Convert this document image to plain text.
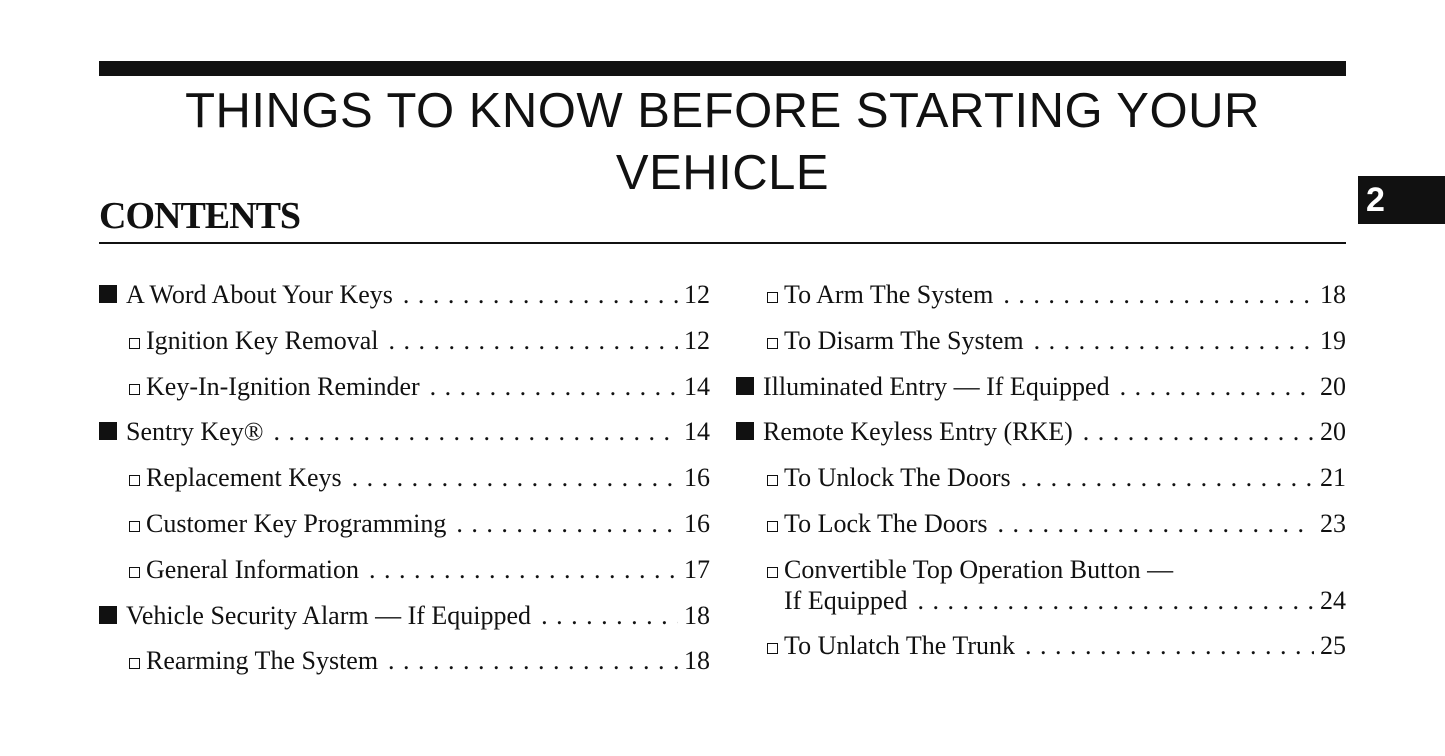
THINGS TO KNOW BEFORE STARTING YOUR VEHICLE	2
CONTENTS
A Word About Your Keys . . .	12
Ignition Key Removal . . .	12
Key-In-Ignition Reminder . . .	14
Sentry Key® . . .	14
Replacement Keys . . .	16
Customer Key Programming . . .	16
General Information . . .	17
Vehicle Security Alarm — If Equipped . . .	18
Rearming The System . . .	18
To Arm The System . . .	18
To Disarm The System . . .	19
Illuminated Entry — If Equipped . . .	20
Remote Keyless Entry (RKE) . . .	20
To Unlock The Doors . . .	21
To Lock The Doors . . .	23
Convertible Top Operation Button —
If Equipped . . .	24
To Unlatch The Trunk . . .	25
